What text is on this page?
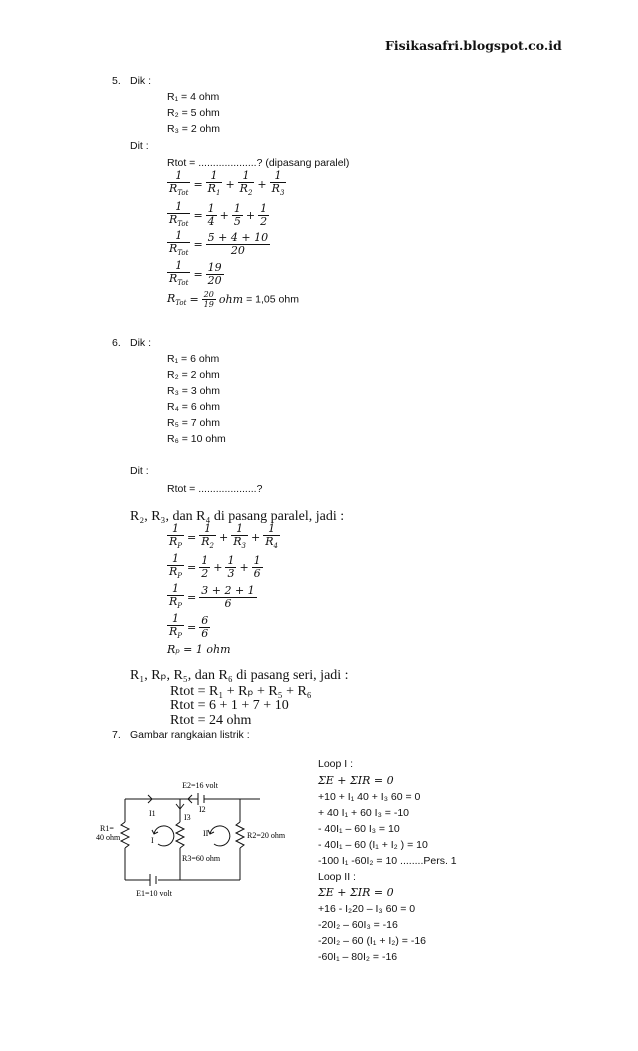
Fisikasafri.blogspot.co.id
5. Dik :
R₁ = 4 ohm
R₂ = 5 ohm
R₃ = 2 ohm
Dit :
Rtot = ....................? (dipasang paralel)
$\frac{1}{R_{Tot}} = \frac{1}{R_1} + \frac{1}{R_2} + \frac{1}{R_3}$
$\frac{1}{R_{Tot}} = \frac{1}{4} + \frac{1}{5} + \frac{1}{2}$
$\frac{1}{R_{Tot}} = \frac{5 + 4 + 10}{20}$
$\frac{1}{R_{Tot}} = \frac{19}{20}$
$R_{Tot} = \frac{20}{19}$ ohm = 1,05 ohm
6. Dik :
R₁ = 6 ohm
R₂ = 2 ohm
R₃ = 3 ohm
R₄ = 6 ohm
R₅ = 7 ohm
R₆ = 10 ohm
Dit :
Rtot = ....................?
R₂, R₃, dan R₄ di pasang paralel, jadi :
$\frac{1}{R_P} = \frac{1}{R_2} + \frac{1}{R_3} + \frac{1}{R_4}$
$\frac{1}{R_P} = \frac{1}{2} + \frac{1}{3} + \frac{1}{6}$
$\frac{1}{R_P} = \frac{3 + 2 + 1}{6}$
$\frac{1}{R_P} = \frac{6}{6}$
Rₚ = 1 ohm
R₁, Rₚ, R₅, dan R₆ di pasang seri, jadi :
Rtot = R₁ + Rₚ + R₅ + R₆
Rtot = 6 + 1 + 7 + 10
Rtot = 24 ohm
7. Gambar rangkaian listrik :
E2=16 volt
E1=10 volt
R1=
40 ohm	R2=20 ohm
R3=60 ohm
I1	I2
I3
I
II
Loop I :
ΣE + ΣIR = 0
+10 + I₁ 40 + I₃ 60 = 0
+ 40 I₁ + 60 I₃ = -10
- 40I₁ – 60 I₃ = 10
- 40I₁ – 60 (I₁ + I₂ ) = 10
-100 I₁ -60I₂ = 10 ........Pers. 1
Loop II :
ΣE + ΣIR = 0
+16 - I₂20 – I₃ 60 = 0
-20I₂ – 60I₃ = -16
-20I₂ – 60 (I₁ + I₂) = -16
-60I₁ – 80I₂ = -16
